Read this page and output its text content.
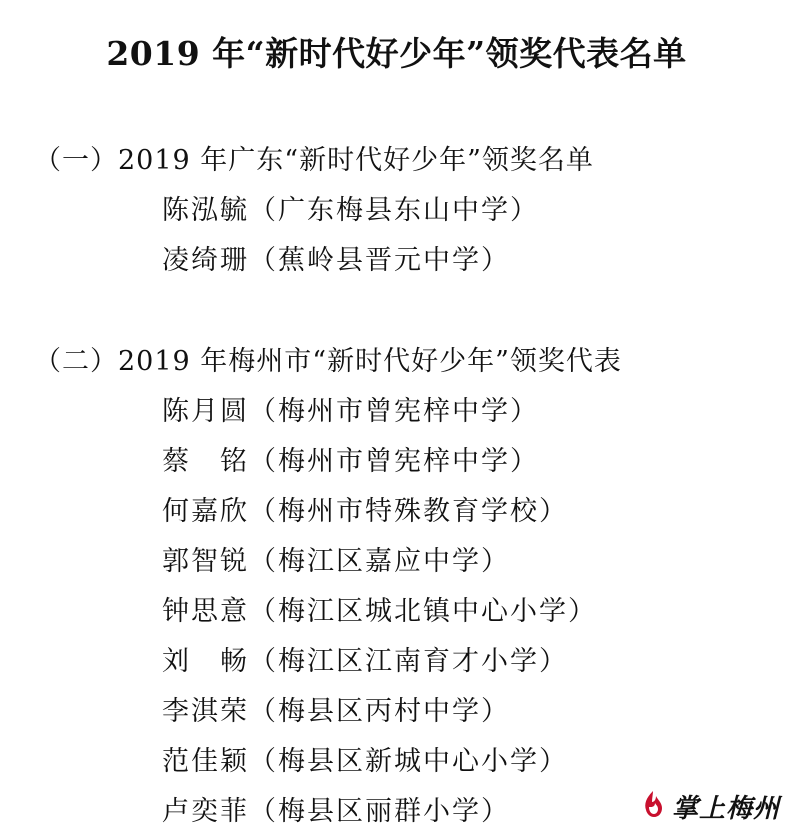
2019 年“新时代好少年”领奖代表名单
（一）2019 年广东“新时代好少年”领奖名单
陈泓毓（广东梅县东山中学）
凌绮珊（蕉岭县晋元中学）
（二）2019 年梅州市“新时代好少年”领奖代表
陈月圆（梅州市曾宪梓中学）
蔡　铭（梅州市曾宪梓中学）
何嘉欣（梅州市特殊教育学校）
郭智锐（梅江区嘉应中学）
钟思意（梅江区城北镇中心小学）
刘　畅（梅江区江南育才小学）
李淇荣（梅县区丙村中学）
范佳颖（梅县区新城中心小学）
卢奕菲（梅县区丽群小学）	掌上梅州
